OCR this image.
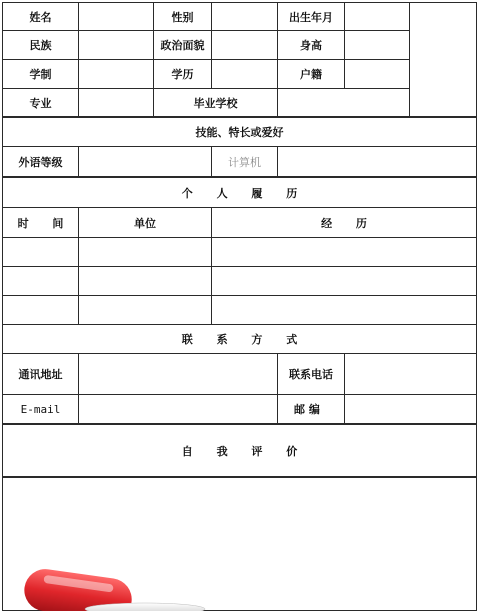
姓名	性别	出生年月
民族	政治面貌	身高
学制	学历	户籍
专业	毕业学校
技能、特长或爱好
外语等级	计算机
个 人 履 历
时 间	单位	经 历
联 系 方 式
通讯地址	联系电话
E-mail	邮 编
自 我 评 价
